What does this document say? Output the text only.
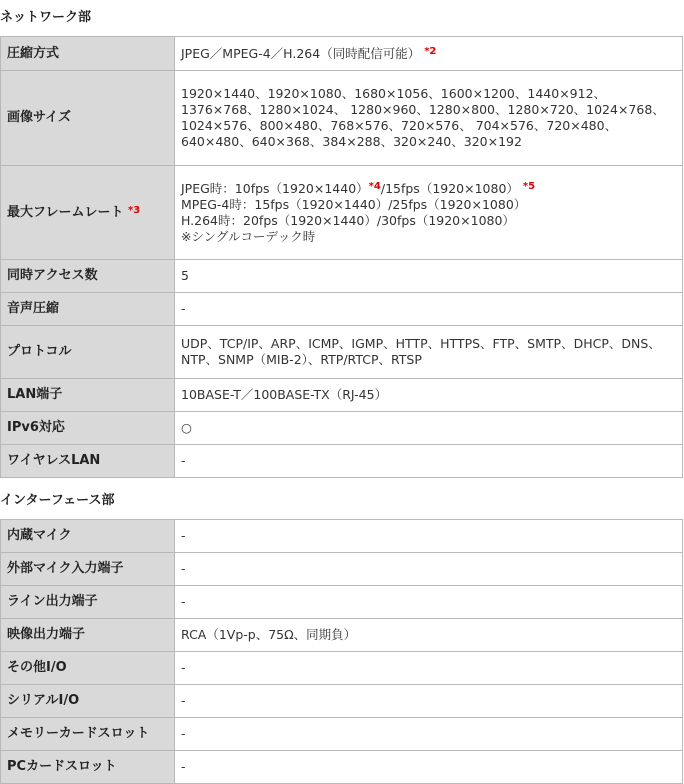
ネットワーク部
圧縮方式	JPEG／MPEG-4／H.264（同時配信可能） $^{*2}$
画像サイズ	1920×1440、1920×1080、1680×1056、1600×1200、1440×912、
1376×768、1280×1024、 1280×960、1280×800、1280×720、1024×768、
1024×576、800×480、768×576、720×576、 704×576、720×480、
640×480、640×368、384×288、320×240、320×192

最大フレームレート $^{*3}$	JPEG時：10fps（1920×1440）$^{*4}$/15fps（1920×1080） $^{*5}$
MPEG-4時：15fps（1920×1440）/25fps（1920×1080）
H.264時：20fps（1920×1440）/30fps（1920×1080）
※シングルコーデック時

同時アクセス数	5
音声圧縮	-
プロトコル	UDP、TCP/IP、ARP、ICMP、IGMP、HTTP、HTTPS、FTP、SMTP、DHCP、DNS、
NTP、SNMP（MIB-2）、RTP/RTCP、RTSP

LAN端子	10BASE-T／100BASE-TX（RJ-45）
IPv6対応	○
ワイヤレスLAN	-
インターフェース部
内蔵マイク	-
外部マイク入力端子	-
ライン出力端子	-
映像出力端子	RCA（1Vp-p、75Ω、同期負）
その他I/O	-
シリアルI/O	-
メモリーカードスロット	-
PCカードスロット	-
